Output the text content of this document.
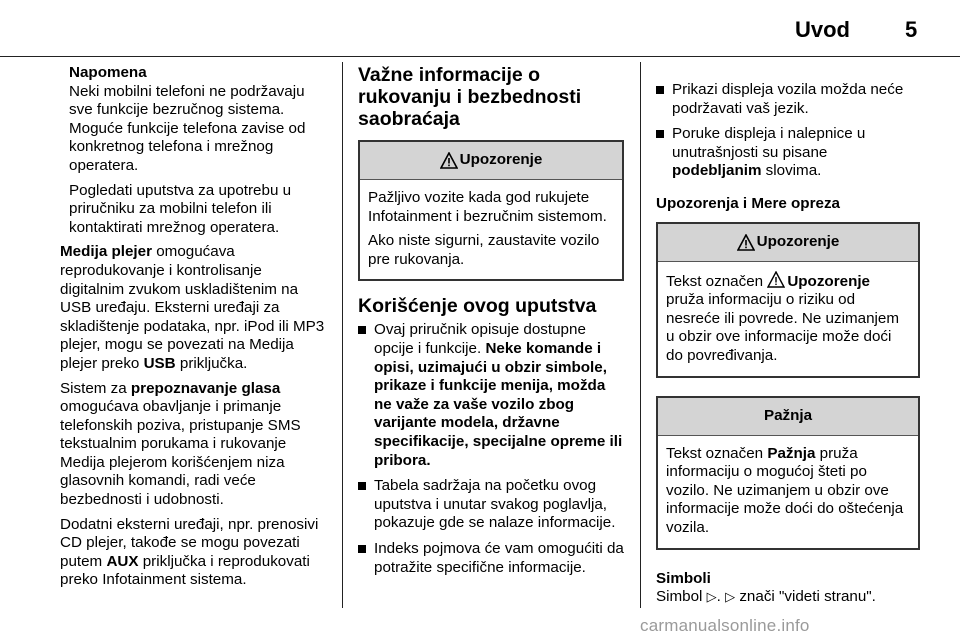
Uvod	5
Napomena

Neki mobilni telefoni ne podržavaju sve funkcije bezručnog sistema. Moguće funkcije telefona zavise od konkretnog telefona i mrežnog operatera.

Pogledati uputstva za upotrebu u priručniku za mobilni telefon ili kontaktirati mrežnog operatera.

Medija plejer omogućava reprodukovanje i kontrolisanje digitalnim zvukom uskladištenim na USB uređaju. Eksterni uređaji za skladištenje podataka, npr. iPod ili MP3 plejer, mogu se povezati na Medija plejer preko USB priključka.

Sistem za prepoznavanje glasa omogućava obavljanje i primanje telefonskih poziva, pristupanje SMS tekstualnim porukama i rukovanje Medija plejerom korišćenjem niza glasovnih komandi, radi veće bezbednosti i udobnosti.

Dodatni eksterni uređaji, npr. prenosivi CD plejer, takođe se mogu povezati putem AUX priključka i reprodukovati preko Infotainment sistema.

Važne informacije o rukovanju i bezbednosti saobraćaja
Upozorenje

Pažljivo vozite kada god rukujete Infotainment i bezručnim sistemom.

Ako niste sigurni, zaustavite vozilo pre rukovanja.

Korišćenje ovog uputstva
Ovaj priručnik opisuje dostupne opcije i funkcije. Neke komande i opisi, uzimajući u obzir simbole, prikaze i funkcije menija, možda ne važe za vaše vozilo zbog varijante modela, državne specifikacije, specijalne opreme ili pribora.
Tabela sadržaja na početku ovog uputstva i unutar svakog poglavlja, pokazuje gde se nalaze informacije.
Indeks pojmova će vam omogućiti da potražite specifične informacije.
Prikazi displeja vozila možda neće podržavati vaš jezik.
Poruke displeja i nalepnice u unutrašnjosti su pisane podebljanim slovima.
Upozorenja i Mere opreza
Upozorenje

Tekst označen Upozorenje pruža informaciju o riziku od nesreće ili povrede. Ne uzimanjem u obzir ove informacije može doći do povređivanja.

Pažnja

Tekst označen Pažnja pruža informaciju o mogućoj šteti po vozilo. Ne uzimanjem u obzir ove informacije može doći do oštećenja vozila.

Simboli

Simbol ▷. ▷ znači "videti stranu".

carmanualsonline.info
